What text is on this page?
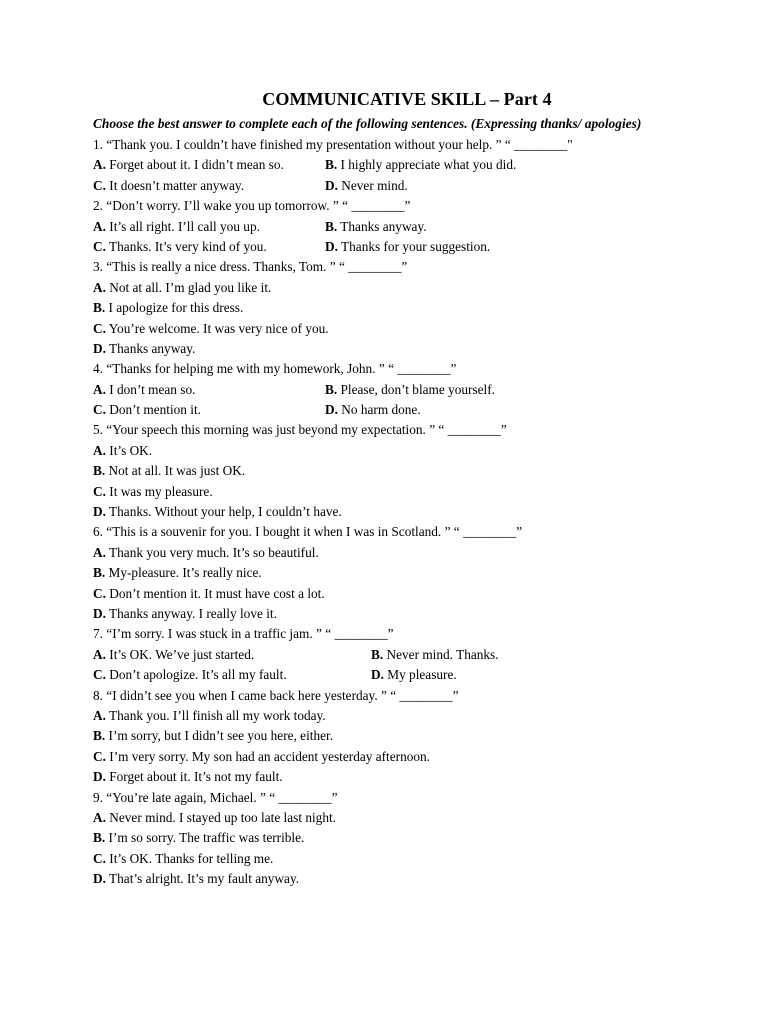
COMMUNICATIVE SKILL – Part 4
Choose the best answer to complete each of the following sentences. (Expressing thanks/ apologies)
1. “Thank you. I couldn’t have finished my presentation without your help. ” “ ________"
A. Forget about it. I didn’t mean so.	B. I highly appreciate what you did.
C. It doesn’t matter anyway.	D. Never mind.
2. “Don’t worry. I’ll wake you up tomorrow. ” “ ________”
A. It’s all right. I’ll call you up.	B. Thanks anyway.
C. Thanks. It’s very kind of you.	D. Thanks for your suggestion.
3. “This is really a nice dress. Thanks, Tom. ” “ ________”
A. Not at all. I’m glad you like it.
B. I apologize for this dress.
C. You’re welcome. It was very nice of you.
D. Thanks anyway.
4. “Thanks for helping me with my homework, John. ” “ ________”
A. I don’t mean so.	B. Please, don’t blame yourself.
C. Don’t mention it.	D. No harm done.
5. “Your speech this morning was just beyond my expectation. ” “ ________”
A. It’s OK.
B. Not at all. It was just OK.
C. It was my pleasure.
D. Thanks. Without your help, I couldn’t have.
6. “This is a souvenir for you. I bought it when I was in Scotland. ” “ ________”
A. Thank you very much. It’s so beautiful.
B. My-pleasure. It’s really nice.
C. Don’t mention it. It must have cost a lot.
D. Thanks anyway. I really love it.
7. “I’m sorry. I was stuck in a traffic jam. ” “ ________”
A. It’s OK. We’ve just started.	B. Never mind. Thanks.
C. Don’t apologize. It’s all my fault.	D. My pleasure.
8. “I didn’t see you when I came back here yesterday. ” “ ________”
A. Thank you. I’ll finish all my work today.
B. I’m sorry, but I didn’t see you here, either.
C. I’m very sorry. My son had an accident yesterday afternoon.
D. Forget about it. It’s not my fault.
9. “You’re late again, Michael. ” “ ________”
A. Never mind. I stayed up too late last night.
B. I’m so sorry. The traffic was terrible.
C. It’s OK. Thanks for telling me.
D. That’s alright. It’s my fault anyway.
